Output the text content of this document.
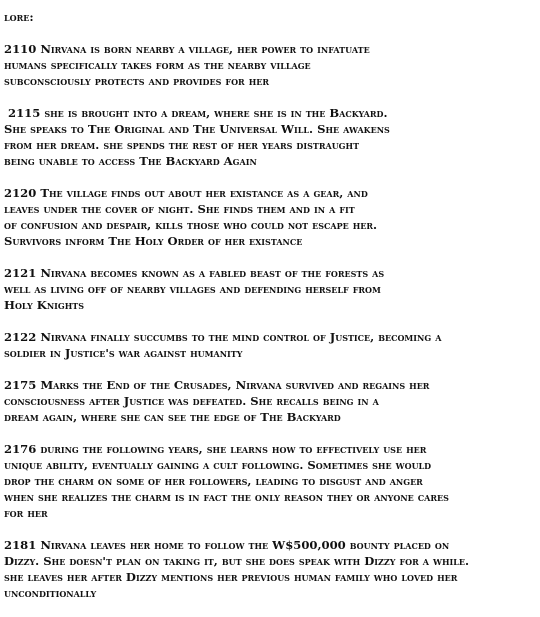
lore:
2110 Nirvana is born nearby a village, her power to infatuate
humans specifically takes form as the nearby village
subconsciously protects and provides for her
2115 she is brought into a dream, where she is in the Backyard.
She speaks to The Original and The Universal Will. She awakens
from her dream. she spends the rest of her years distraught
being unable to access The Backyard Again
2120 The village finds out about her existance as a gear, and
leaves under the cover of night. She finds them and in a fit
of confusion and despair, kills those who could not escape her.
Survivors inform The Holy Order of her existance
2121 Nirvana becomes known as a fabled beast of the forests as
well as living off of nearby villages and defending herself from
Holy Knights
2122 Nirvana finally succumbs to the mind control of Justice, becoming a
soldier in Justice's war against humanity
2175 Marks the End of the Crusades, Nirvana survived and regains her
consciousness after Justice was defeated. She recalls being in a
dream again, where she can see the edge of The Backyard
2176 during the following years, she learns how to effectively use her
unique ability, eventually gaining a cult following. Sometimes she would
drop the charm on some of her followers, leading to disgust and anger
when she realizes the charm is in fact the only reason they or anyone cares
for her
2181 Nirvana leaves her home to follow the W$500,000 bounty placed on
Dizzy. She doesn't plan on taking it, but she does speak with Dizzy for a while.
she leaves her after Dizzy mentions her previous human family who loved her
unconditionally
